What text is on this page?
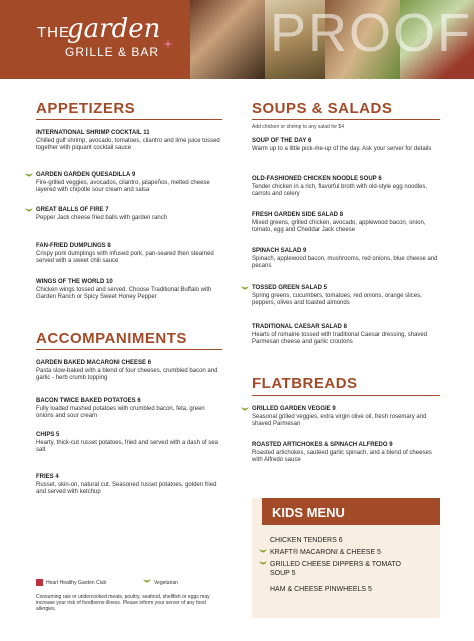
PROOF
THE
garden
GRILLE & BAR
APPETIZERS
INTERNATIONAL SHRIMP COCKTAIL 11
Chilled gulf shrimp, avocado, tomatoes, cilantro and lime juice tossed together with piquant cocktail sauce
GARDEN GARDEN QUESADILLA 9
Fire-grilled veggies, avocados, cilantro, jalapeños, melted cheese layered with chipotle sour cream and salsa
GREAT BALLS OF FIRE 7
Pepper Jack cheese fried balls with garden ranch
FAN-FRIED DUMPLINGS 8
Crispy pork dumplings with infused pork, pan-seared then steamed served with a sweet chili sauce
WINGS OF THE WORLD 10
Chicken wings tossed and served. Choose Traditional Buffalo with Garden Ranch or Spicy Sweet Honey Pepper
ACCOMPANIMENTS
GARDEN BAKED MACARONI CHEESE 6
Pasta slow-baked with a blend of four cheeses, crumbled bacon and garlic - herb crumb topping
BACON TWICE BAKED POTATOES 6
Fully loaded mashed potatoes with crumbled bacon, feta, green onions and sour cream
CHIPS 5
Hearty, thick-cut russet potatoes, fried and served with a dash of sea salt
FRIES 4
Russet, skin-on, natural cut. Seasoned russet potatoes, golden fried and served with ketchup
Heart Healthy Garden Club	Vegetarian
Consuming raw or undercooked meats, poultry, seafood, shellfish or eggs may increase your risk of foodborne illness. Please inform your server of any food allergies.
SOUPS & SALADS
Add chicken or shrimp to any salad for $4
SOUP OF THE DAY 6
Warm up to a little pick-me-up of the day. Ask your server for details
OLD-FASHIONED CHICKEN NOODLE SOUP 6
Tender chicken in a rich, flavorful broth with old-style egg noodles, carrots and celery
FRESH GARDEN SIDE SALAD 8
Mixed greens, grilled chicken, avocado, applewood bacon, onion, tomato, egg and Cheddar Jack cheese
SPINACH SALAD 9
Spinach, applewood bacon, mushrooms, red onions, blue cheese and pecans
TOSSED GREEN SALAD 5
Spring greens, cucumbers, tomatoes, red onions, orange slices, peppers, olives and toasted almonds
TRADITIONAL CAESAR SALAD 8
Hearts of romaine tossed with traditional Caesar dressing, shaved Parmesan cheese and garlic croutons
FLATBREADS
GRILLED GARDEN VEGGIE 9
Seasonal grilled veggies, extra virgin olive oil, fresh rosemary and shaved Parmesan
ROASTED ARTICHOKES & SPINACH ALFREDO 9
Roasted artichokes, sautéed garlic spinach, and a blend of cheeses with Alfredo sauce
KIDS MENU
CHICKEN TENDERS 6
KRAFT® MACARONI & CHEESE 5
GRILLED CHEESE DIPPERS & TOMATO SOUP 5
HAM & CHEESE PINWHEELS 5
